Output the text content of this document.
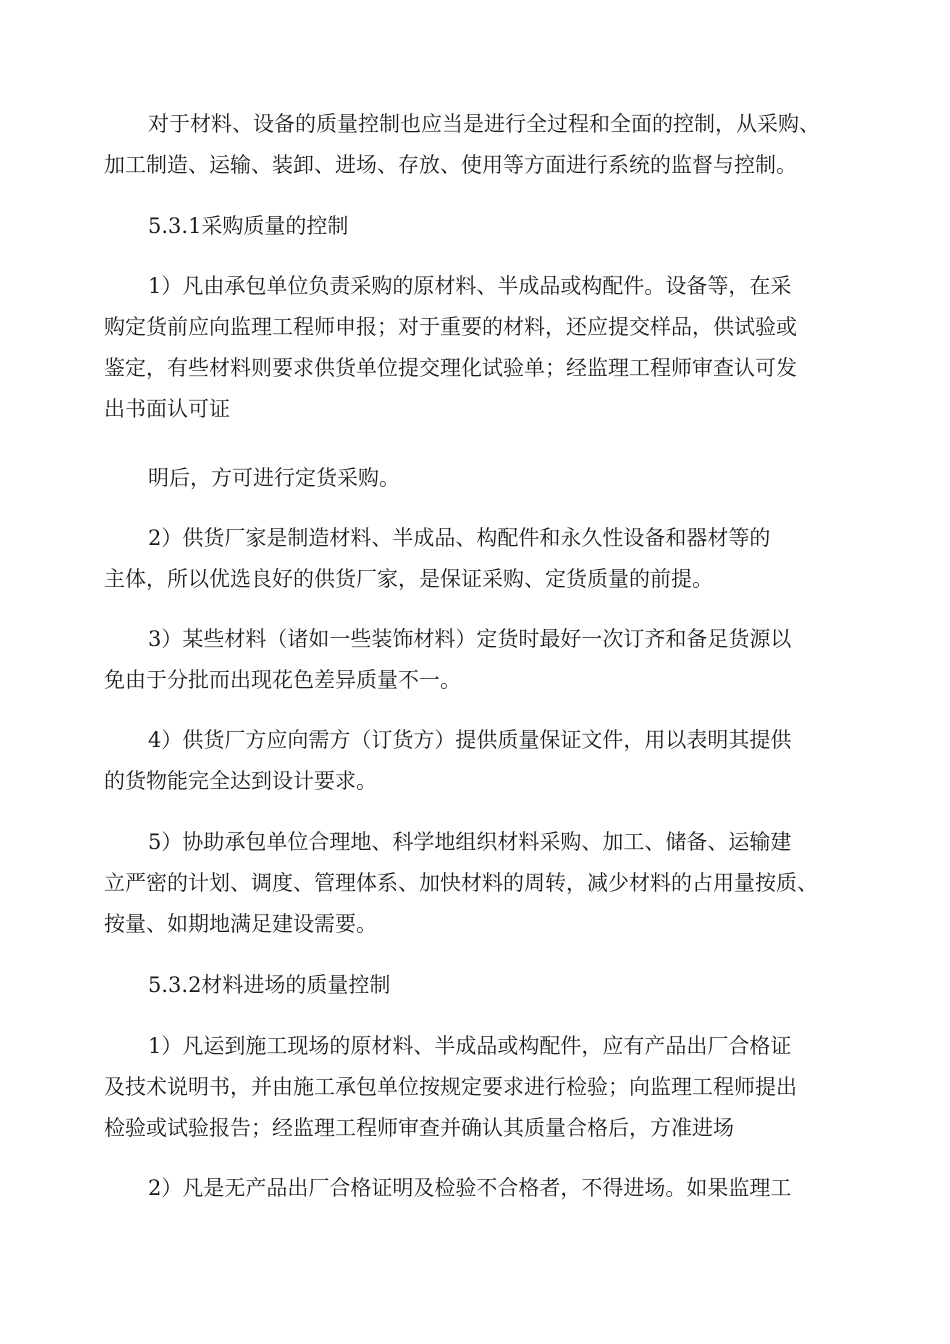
对于材料、设备的质量控制也应当是进行全过程和全面的控制，从采购、
加工制造、运输、装卸、进场、存放、使用等方面进行系统的监督与控制。
5.3.1采购质量的控制
1）凡由承包单位负责采购的原材料、半成品或构配件。设备等，在采
购定货前应向监理工程师申报；对于重要的材料，还应提交样品，供试验或
鉴定，有些材料则要求供货单位提交理化试验单；经监理工程师审查认可发
出书面认可证
明后，方可进行定货采购。
2）供货厂家是制造材料、半成品、构配件和永久性设备和器材等的
主体，所以优选良好的供货厂家，是保证采购、定货质量的前提。
3）某些材料（诸如一些装饰材料）定货时最好一次订齐和备足货源以
免由于分批而出现花色差异质量不一。
4）供货厂方应向需方（订货方）提供质量保证文件，用以表明其提供
的货物能完全达到设计要求。
5）协助承包单位合理地、科学地组织材料采购、加工、储备、运输建
立严密的计划、调度、管理体系、加快材料的周转，减少材料的占用量按质、
按量、如期地满足建设需要。
5.3.2材料进场的质量控制
1）凡运到施工现场的原材料、半成品或构配件，应有产品出厂合格证
及技术说明书，并由施工承包单位按规定要求进行检验；向监理工程师提出
检验或试验报告；经监理工程师审查并确认其质量合格后，方准进场
2）凡是无产品出厂合格证明及检验不合格者，不得进场。如果监理工
